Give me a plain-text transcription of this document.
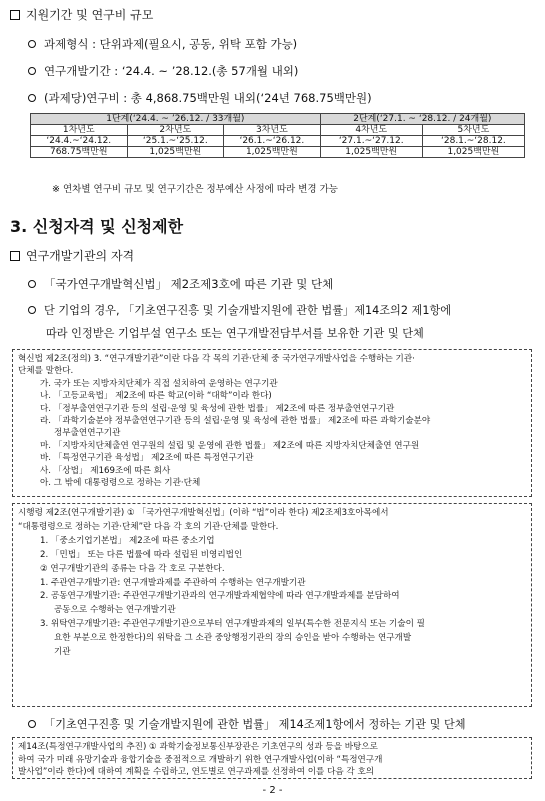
지원기간 및 연구비 규모
과제형식 : 단위과제(필요시, 공동, 위탁 포함 가능)
연구개발기간 : ‘24.4. ~ ’28.12.(총 57개월 내외)
(과제당)연구비 : 총 4,868.75백만원 내외(‘24년 768.75백만원)
1단계(‘24.4. ~ ’26.12. / 33개월)			2단계(‘27.1. ~ ‘28.12. / 24개월)	
1차년도	2차년도	3차년도	4차년도	5차년도
‘24.4.~‘24.12.	‘25.1.~‘25.12.	‘26.1.~‘26.12.	‘27.1.~‘27.12.	‘28.1.~‘28.12.
768.75백만원	1,025백만원	1,025백만원	1,025백만원	1,025백만원
※ 연차별 연구비 규모 및 연구기간은 정부예산 사정에 따라 변경 가능
3. 신청자격 및 신청제한
연구개발기관의 자격
「국가연구개발혁신법」 제2조제3호에 따른 기관 및 단체
단 기업의 경우, 「기초연구진흥 및 기술개발지원에 관한 법률」제14조의2 제1항에
따라 인정받은 기업부설 연구소 또는 연구개발전담부서를 보유한 기관 및 단체

혁신법 제2조(정의) 3. “연구개발기관”이란 다음 각 목의 기관·단체 중 국가연구개발사업을 수행하는 기관·

단체를 말한다.

가. 국가 또는 지방자치단체가 직접 설치하여 운영하는 연구기관

나. 「고등교육법」 제2조에 따른 학교(이하 “대학”이라 한다)

다. 「정부출연연구기관 등의 설립·운영 및 육성에 관한 법률」 제2조에 따른 정부출연연구기관

라. 「과학기술분야 정부출연연구기관 등의 설립·운영 및 육성에 관한 법률」 제2조에 따른 과학기술분야

정부출연연구기관

마. 「지방자치단체출연 연구원의 설립 및 운영에 관한 법률」 제2조에 따른 지방자치단체출연 연구원

바. 「특정연구기관 육성법」 제2조에 따른 특정연구기관

사. 「상법」 제169조에 따른 회사

아. 그 밖에 대통령령으로 정하는 기관·단체

시행령 제2조(연구개발기관) ① 「국가연구개발혁신법」(이하 “법”이라 한다) 제2조제3호아목에서

“대통령령으로 정하는 기관·단체”란 다음 각 호의 기관·단체를 말한다.

1. 「중소기업기본법」 제2조에 따른 중소기업

2. 「민법」 또는 다른 법률에 따라 설립된 비영리법인

② 연구개발기관의 종류는 다음 각 호로 구분한다.

1. 주관연구개발기관: 연구개발과제를 주관하여 수행하는 연구개발기관

2. 공동연구개발기관: 주관연구개발기관과의 연구개발과제협약에 따라 연구개발과제를 분담하여

공동으로 수행하는 연구개발기관

3. 위탁연구개발기관: 주관연구개발기관으로부터 연구개발과제의 일부(특수한 전문지식 또는 기술이 필

요한 부분으로 한정한다)의 위탁을 그 소관 중앙행정기관의 장의 승인을 받아 수행하는 연구개발

기관

「기초연구진흥 및 기술개발지원에 관한 법률」 제14조제1항에서 정하는 기관 및 단체

제14조(특정연구개발사업의 추진) ① 과학기술정보통신부장관은 기초연구의 성과 등을 바탕으로

하여 국가 미래 유망기술과 융합기술을 중점적으로 개발하기 위한 연구개발사업(이하 “특정연구개

발사업”이라 한다)에 대하여 계획을 수립하고, 연도별로 연구과제를 선정하여 이를 다음 각 호의

- 2 -
